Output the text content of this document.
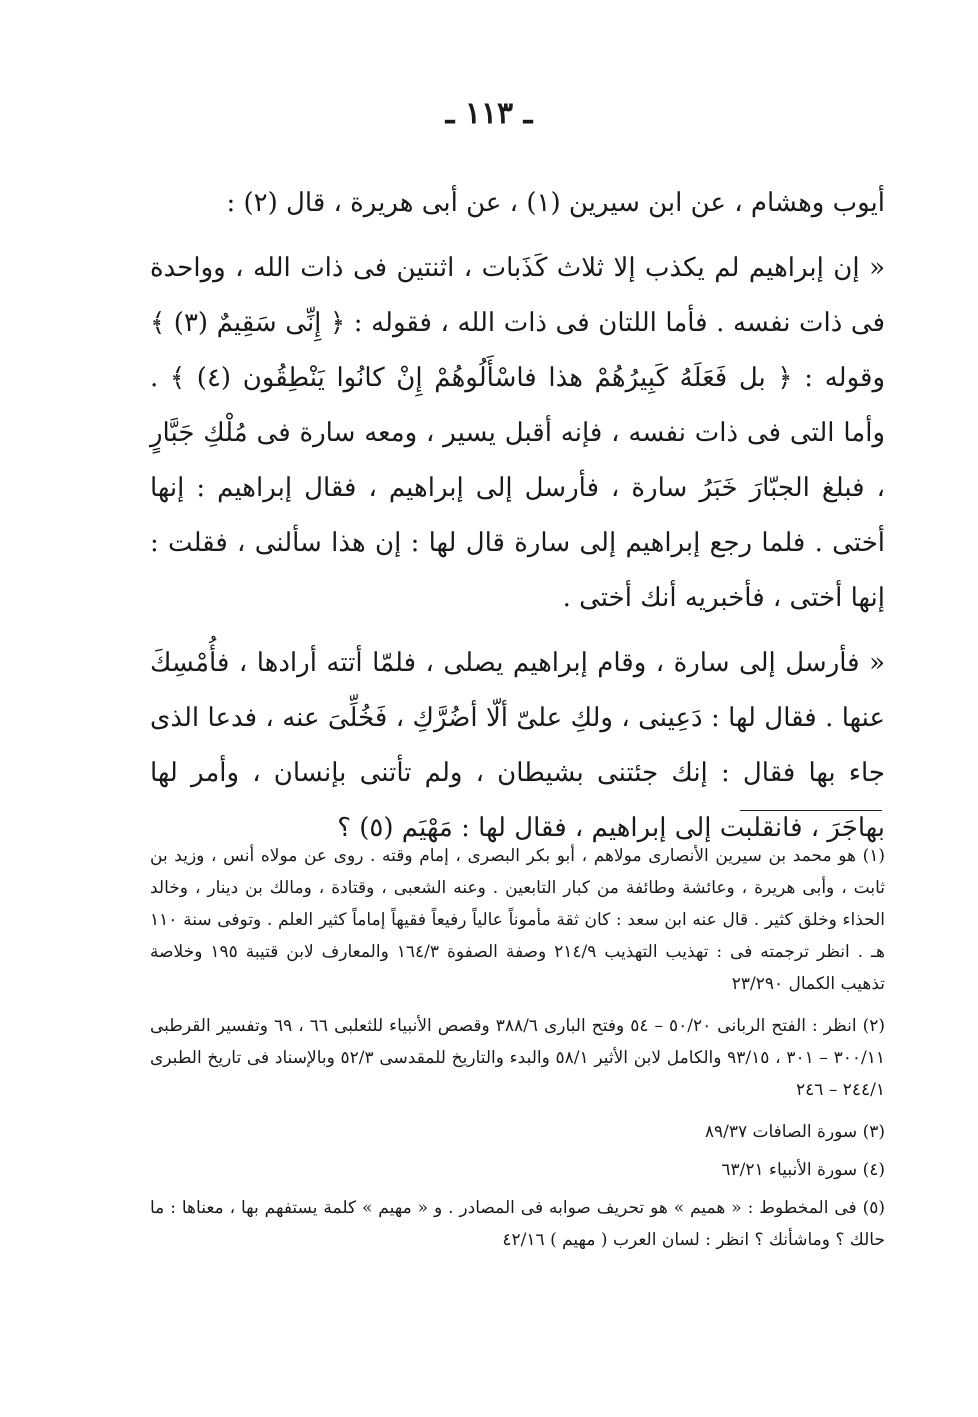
ـ ١١٣ ـ

أيوب وهشام ، عن ابن سيرين (١) ، عن أبى هريرة ، قال (٢) :

« إن إبراهيم لم يكذب إلا ثلاث كَذَبات ، اثنتين فى ذات الله ، وواحدة فى ذات نفسه . فأما اللتان فى ذات الله ، فقوله : ﴿ إِنِّى سَقِيمٌ (٣) ﴾ وقوله : ﴿ بل فَعَلَهُ كَبِيرُهُمْ هذا فاسْأَلُوهُمْ إِنْ كانُوا يَنْطِقُون (٤) ﴾ . وأما التى فى ذات نفسه ، فإنه أقبل يسير ، ومعه سارة فى مُلْكِ جَبَّارٍ ، فبلغ الجبّارَ خَبَرُ سارة ، فأرسل إلى إبراهيم ، فقال إبراهيم : إنها أختى . فلما رجع إبراهيم إلى سارة قال لها : إن هذا سألنى ، فقلت : إنها أختى ، فأخبريه أنك أختى .

« فأرسل إلى سارة ، وقام إبراهيم يصلى ، فلمّا أتته أرادها ، فأُمْسِكَ عنها . فقال لها : دَعِينى ، ولكِ علىّ ألّا أضُرَّكِ ، فَخُلِّىَ عنه ، فدعا الذى جاء بها فقال : إنك جئتنى بشيطان ، ولم تأتنى بإنسان ، وأمر لها بهاجَرَ ، فانقلبت إلى إبراهيم ، فقال لها : مَهْيَم (٥) ؟

(١) هو محمد بن سيرين الأنصارى مولاهم ، أبو بكر البصرى ، إمام وقته . روى عن مولاه أنس ، وزيد بن ثابت ، وأبى هريرة ، وعائشة وطائفة من كبار التابعين . وعنه الشعبى ، وقتادة ، ومالك بن دينار ، وخالد الحذاء وخلق كثير . قال عنه ابن سعد : كان ثقة مأموناً عالياً رفيعاً فقيهاً إماماً كثير العلم . وتوفى سنة ١١٠ هـ . انظر ترجمته فى : تهذيب التهذيب ٢١٤/٩ وصفة الصفوة ١٦٤/٣ والمعارف لابن قتيبة ١٩٥ وخلاصة تذهيب الكمال ٢٣/٢٩٠

(٢) انظر : الفتح الربانى ٥٠/٢٠ – ٥٤ وفتح البارى ٣٨٨/٦ وقصص الأنبياء للثعلبى ٦٦ ، ٦٩ وتفسير القرطبى ٣٠٠/١١ – ٣٠١ ، ٩٣/١٥ والكامل لابن الأثير ٥٨/١ والبدء والتاريخ للمقدسى ٥٢/٣ وبالإسناد فى تاريخ الطبرى ٢٤٤/١ – ٢٤٦

(٣) سورة الصافات ٨٩/٣٧

(٤) سورة الأنبياء ٦٣/٢١

(٥) فى المخطوط : « هميم » هو تحريف صوابه فى المصادر . و « مهيم » كلمة يستفهم بها ، معناها : ما حالك ؟ وماشأنك ؟ انظر : لسان العرب ( مهيم ) ٤٢/١٦
